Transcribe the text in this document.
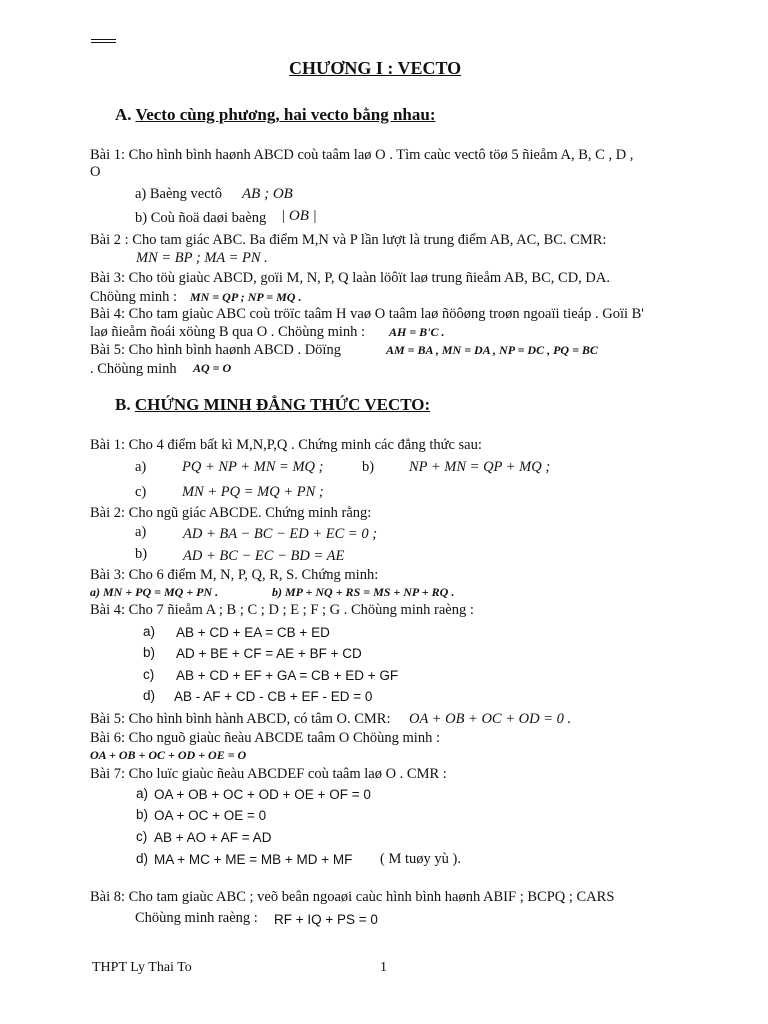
CHƯƠNG I : VECTO
A. Vecto cùng phương, hai vecto bằng nhau:
Bài 1: Cho hình bình haønh ABCD coù taâm laø O . Tìm caùc vectô töø 5 ñieåm A, B, C , D ,
O
a) Baèng vectô AB ; OB
b) Coù ñoä daøi baèng | OB |
Bài 2 : Cho tam giác ABC. Ba điểm M,N và P lần lượt là trung điểm AB, AC, BC. CMR:
MN = BP ; MA = PN .
Bài 3: Cho töù giaùc ABCD, goïi M, N, P, Q laàn löôït laø trung ñieåm AB, BC, CD, DA.
Chöùng minh : MN = QP ; NP = MQ .
Bài 4: Cho tam giaùc ABC coù tröïc taâm H vaø O taâm laø ñöôøng troøn ngoaïi tieáp . Goïi B'
laø ñieåm ñoái xöùng B qua O . Chöùng minh : AH = B'C .
Bài 5: Cho hình bình haønh ABCD . Döïng	AM = BA , MN = DA , NP = DC , PQ = BC
. Chöùng minh AQ = O
B. CHỨNG MINH ĐẲNG THỨC VECTO:
Bài 1: Cho 4 điểm bất kì M,N,P,Q . Chứng minh các đẳng thức sau:
a) PQ + NP + MN = MQ ;	b) NP + MN = QP + MQ ;
c) MN + PQ = MQ + PN ;
Bài 2: Cho ngũ giác ABCDE. Chứng minh rằng:
a)	AD + BA − BC − ED + EC = 0 ;
b) AD + BC − EC − BD = AE
Bài 3: Cho 6 điểm M, N, P, Q, R, S. Chứng minh:
a) MN + PQ = MQ + PN .	b) MP + NQ + RS = MS + NP + RQ .
Bài 4: Cho 7 ñieåm A ; B ; C ; D ; E ; F ; G . Chöùng minh raèng :
a) AB + CD + EA = CB + ED
b) AD + BE + CF = AE + BF + CD
c) AB + CD + EF + GA = CB + ED + GF
d) AB - AF + CD - CB + EF - ED = 0
Bài 5: Cho hình bình hành ABCD, có tâm O. CMR: OA + OB + OC + OD = 0 .
Bài 6: Cho nguõ giaùc ñeàu ABCDE taâm O Chöùng minh :
OA + OB + OC + OD + OE = O
Bài 7: Cho luïc giaùc ñeàu ABCDEF coù taâm laø O . CMR :
a) OA + OB + OC + OD + OE + OF = 0
b) OA + OC + OE = 0
c) AB + AO + AF = AD
d) MA + MC + ME = MB + MD + MF ( M tuøy yù ).
Bài 8: Cho tam giaùc ABC ; veõ beân ngoaøi caùc hình bình haønh ABIF ; BCPQ ; CARS
Chöùng minh raèng : RF + IQ + PS = 0
THPT Ly Thai To	1
